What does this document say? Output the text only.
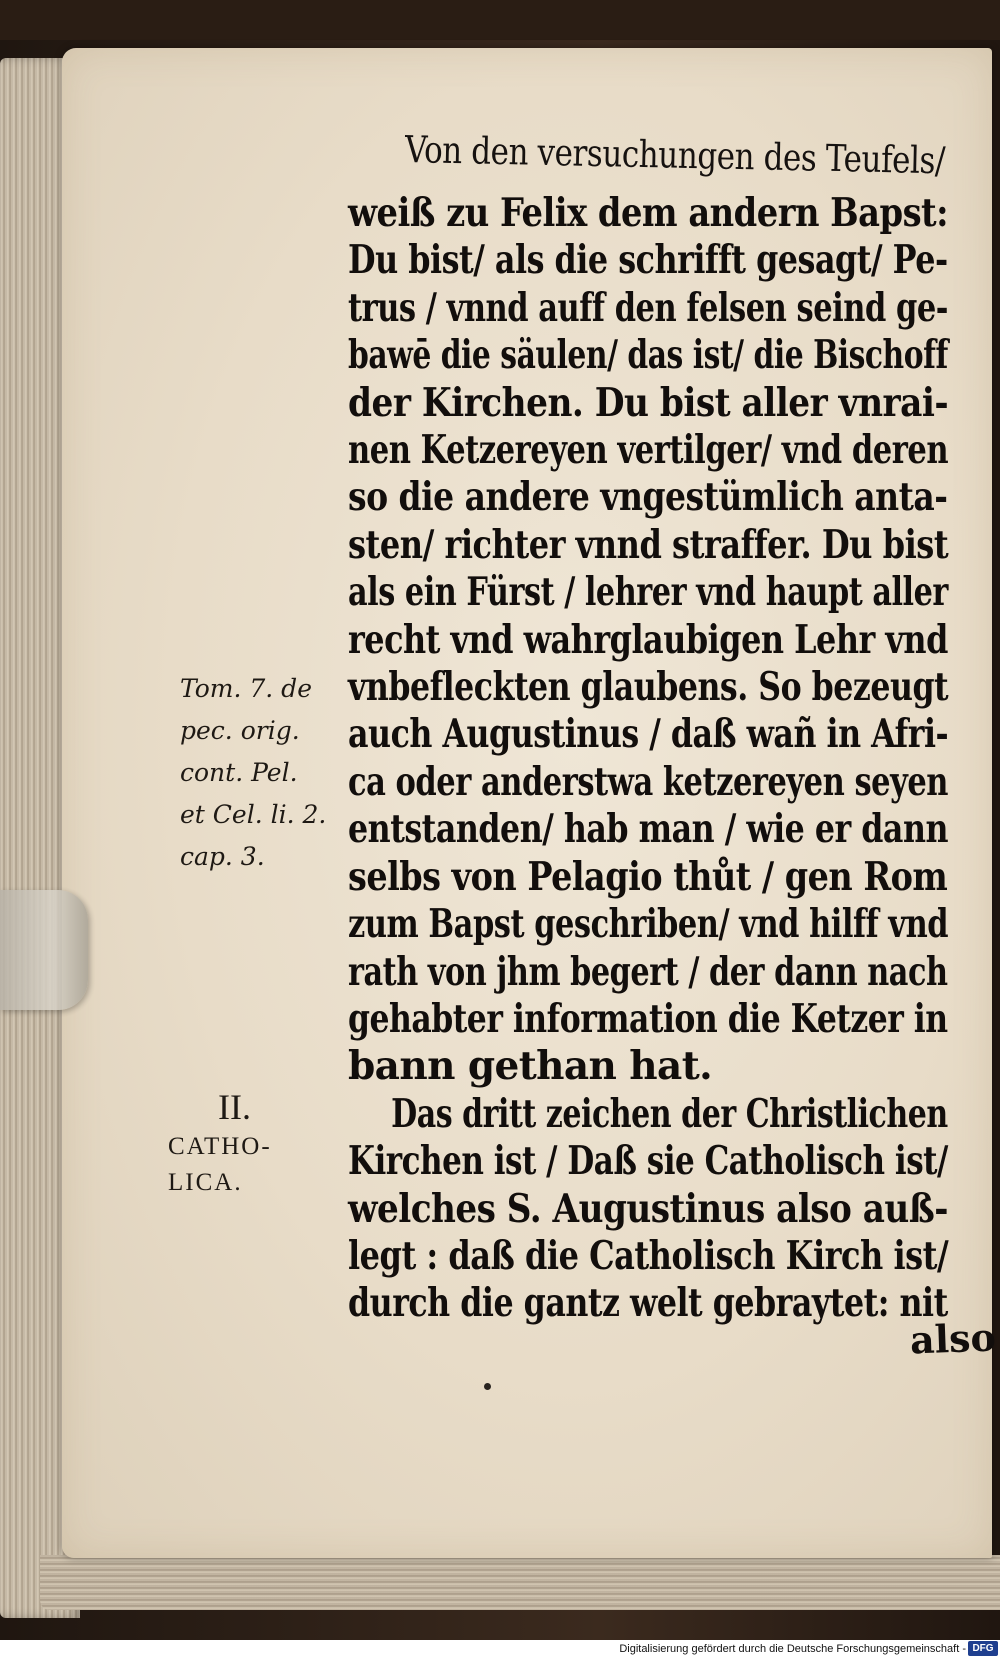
Von den versuchungen des Teufels/
weiß zu Felix dem andern Bapst:
Du bist/ als die schrifft gesagt/ Pe-
trus / vnnd auff den felsen seind ge-
bawē die säulen/ das ist/ die Bischoff
der Kirchen. Du bist aller vnrai-
nen Ketzereyen vertilger/ vnd deren
so die andere vngestümlich anta-
sten/ richter vnnd straffer. Du bist
als ein Fürst / lehrer vnd haupt aller
recht vnd wahrglaubigen Lehr vnd
vnbefleckten glaubens. So bezeugt
auch Augustinus / daß wañ in Afri-
ca oder anderstwa ketzereyen seyen
entstanden/ hab man / wie er dann
selbs von Pelagio thůt / gen Rom
zum Bapst geschriben/ vnd hilff vnd
rath von jhm begert / der dann nach
gehabter information die Ketzer in
bann gethan hat.
Das dritt zeichen der Christlichen
Kirchen ist / Daß sie Catholisch ist/
welches S. Augustinus also auß-
legt : daß die Catholisch Kirch ist/
durch die gantz welt gebraytet: nit
also
Tom. 7. de
pec. orig.
cont. Pel.
et Cel. li. 2.
cap. 3.
II.
CATHO-
LICA.
Digitalisierung gefördert durch die Deutsche Forschungsgemeinschaft - DFG
